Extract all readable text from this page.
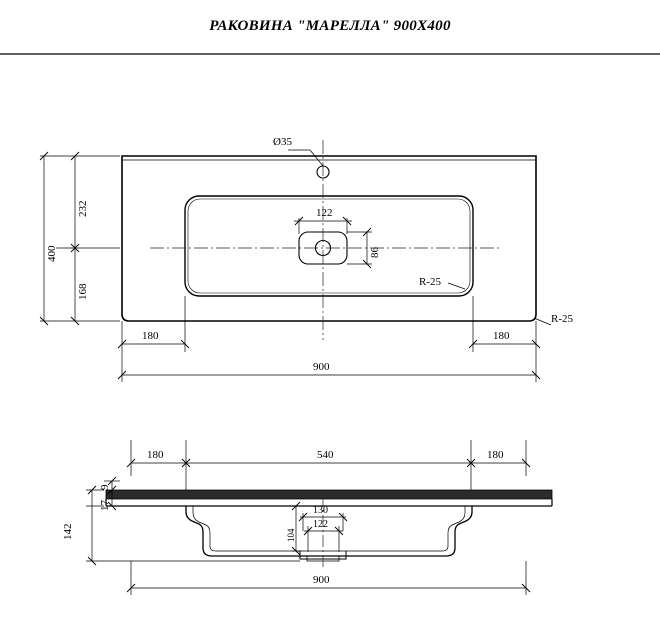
РАКОВИНА "МАРЕЛЛА" 900Х400
400
232
168
180	180
900
122
86
Ø35
R-25
R-25
180	540	180
142
17
9
104
130
122
900
